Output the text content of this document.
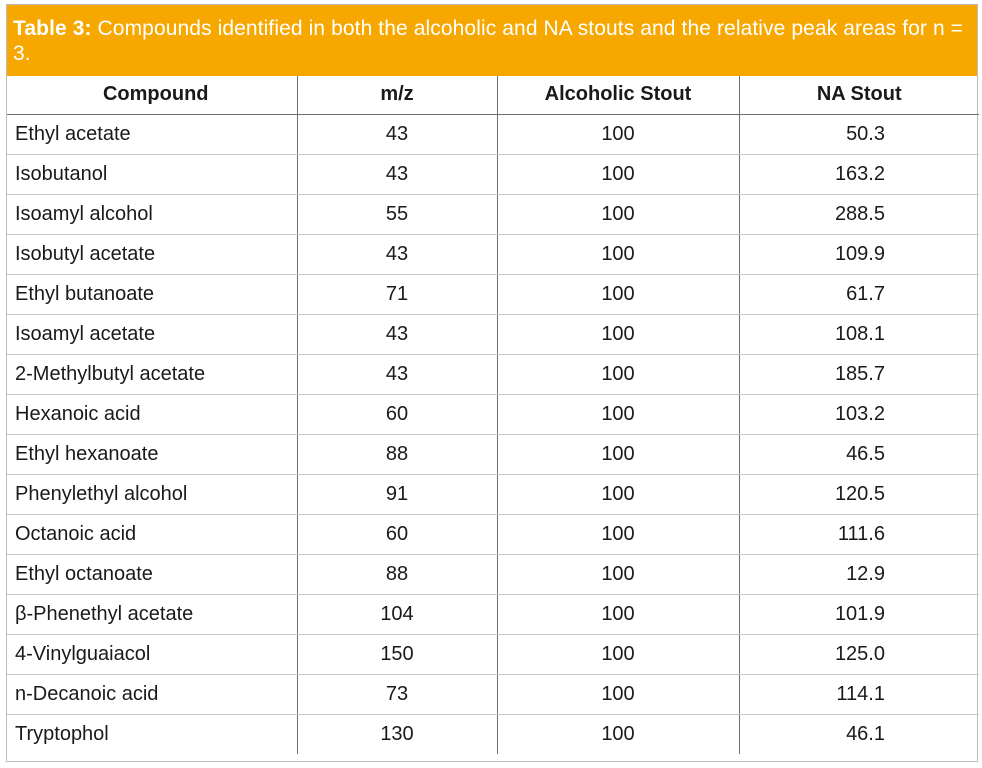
Table 3: Compounds identified in both the alcoholic and NA stouts and the relative peak areas for n = 3.
Compound	m/z	Alcoholic Stout	NA Stout
Ethyl acetate	43	100	50.3
Isobutanol	43	100	163.2
Isoamyl alcohol	55	100	288.5
Isobutyl acetate	43	100	109.9
Ethyl butanoate	71	100	61.7
Isoamyl acetate	43	100	108.1
2-Methylbutyl acetate	43	100	185.7
Hexanoic acid	60	100	103.2
Ethyl hexanoate	88	100	46.5
Phenylethyl alcohol	91	100	120.5
Octanoic acid	60	100	111.6
Ethyl octanoate	88	100	12.9
β-Phenethyl acetate	104	100	101.9
4-Vinylguaiacol	150	100	125.0
n-Decanoic acid	73	100	114.1
Tryptophol	130	100	46.1
